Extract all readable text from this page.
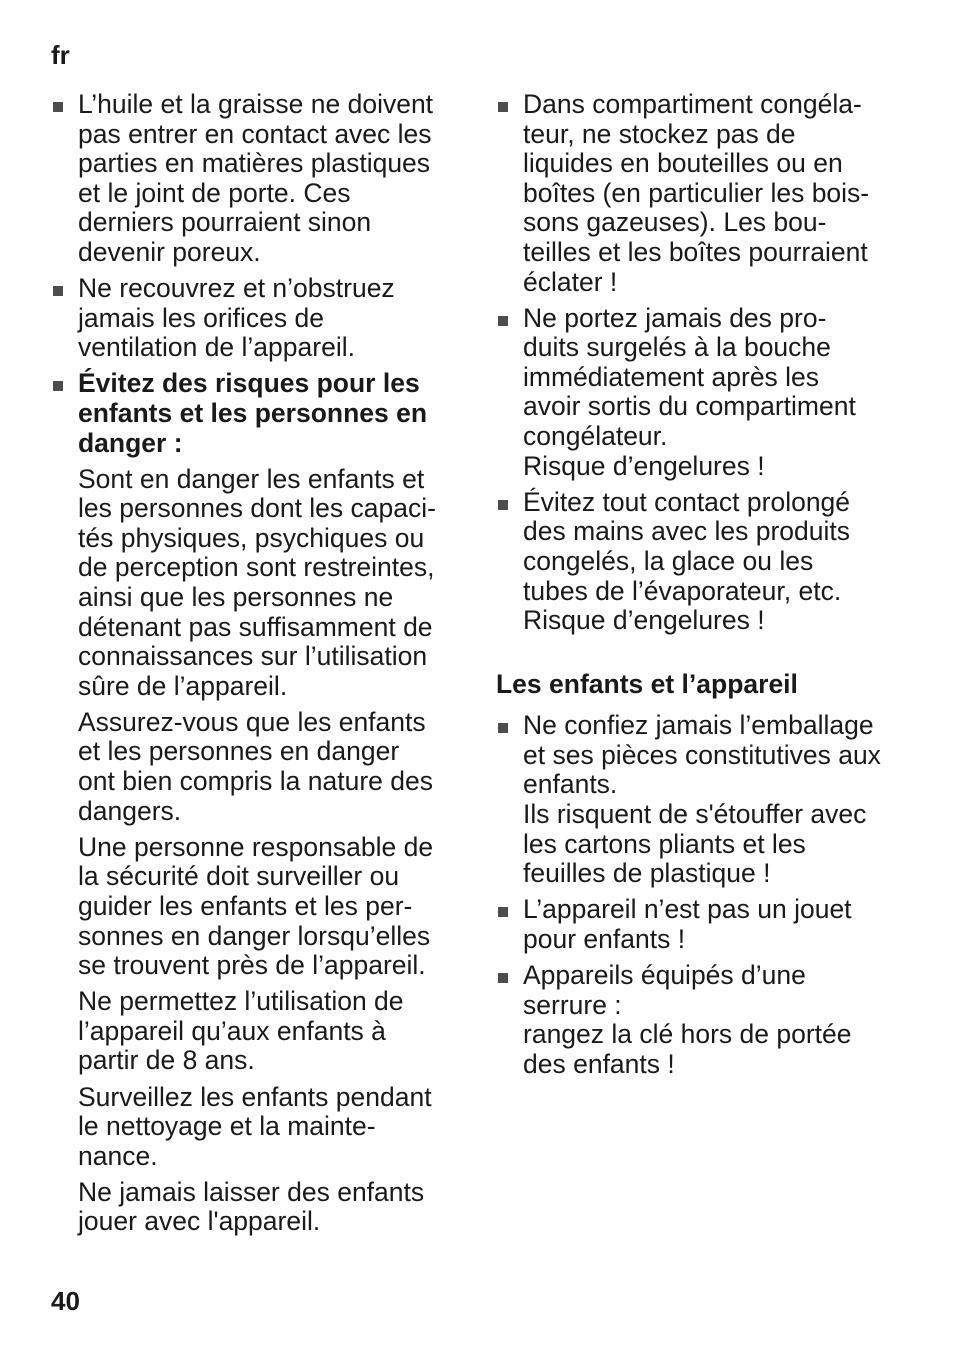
fr
L’huile et la graisse ne doivent
pas entrer en contact avec les
parties en matières plastiques
et le joint de porte. Ces
derniers pourraient sinon
devenir poreux.
Ne recouvrez et n’obstruez
jamais les orifices de
ventilation de l’appareil.
Évitez des risques pour les
enfants et les personnes en
danger :
Sont en danger les enfants et
les personnes dont les capaci-
tés physiques, psychiques ou
de perception sont restreintes,
ainsi que les personnes ne
détenant pas suffisamment de
connaissances sur l’utilisation
sûre de l’appareil.
Assurez-vous que les enfants
et les personnes en danger
ont bien compris la nature des
dangers.
Une personne responsable de
la sécurité doit surveiller ou
guider les enfants et les per-
sonnes en danger lorsqu’elles
se trouvent près de l’appareil.
Ne permettez l’utilisation de
l’appareil qu’aux enfants à
partir de 8 ans.
Surveillez les enfants pendant
le nettoyage et la mainte-
nance.
Ne jamais laisser des enfants
jouer avec l'appareil.
Dans compartiment congéla-
teur, ne stockez pas de
liquides en bouteilles ou en
boîtes (en particulier les bois-
sons gazeuses). Les bou-
teilles et les boîtes pourraient
éclater !
Ne portez jamais des pro-
duits surgelés à la bouche
immédiatement après les
avoir sortis du compartiment
congélateur.
Risque d’engelures !
Évitez tout contact prolongé
des mains avec les produits
congelés, la glace ou les
tubes de l’évaporateur, etc.
Risque d’engelures !
Les enfants et l’appareil
Ne confiez jamais l’emballage
et ses pièces constitutives aux
enfants.
Ils risquent de s'étouffer avec
les cartons pliants et les
feuilles de plastique !
L’appareil n’est pas un jouet
pour enfants !
Appareils équipés d’une
serrure :
rangez la clé hors de portée
des enfants !
40
